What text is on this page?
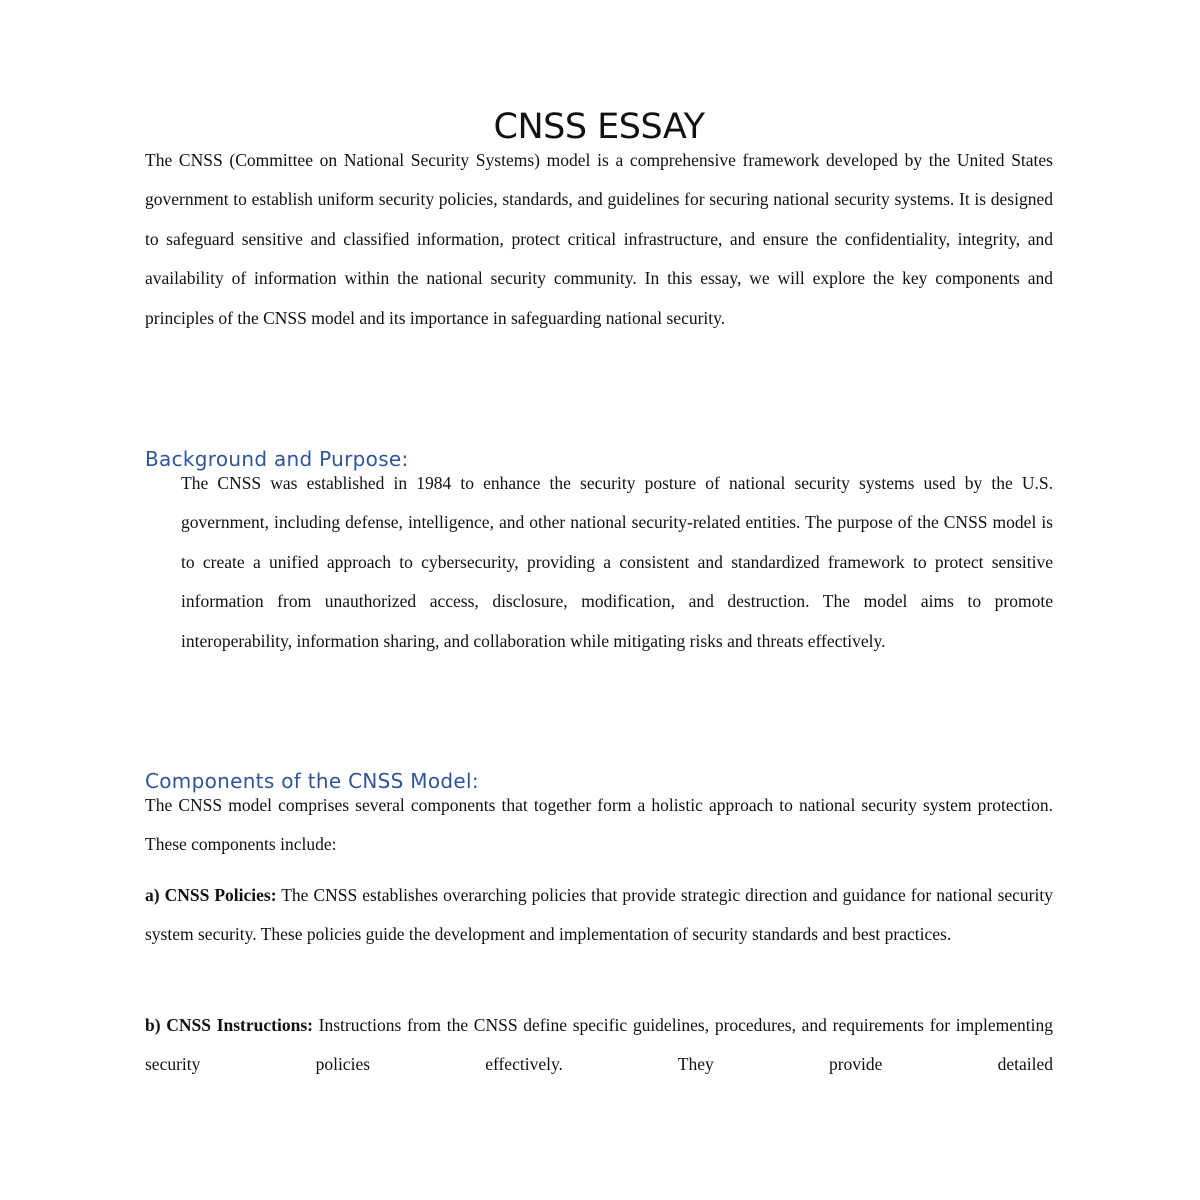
CNSS ESSAY

The CNSS (Committee on National Security Systems) model is a comprehensive framework developed by the United States government to establish uniform security policies, standards, and guidelines for securing national security systems. It is designed to safeguard sensitive and classified information, protect critical infrastructure, and ensure the confidentiality, integrity, and availability of information within the national security community. In this essay, we will explore the key components and principles of the CNSS model and its importance in safeguarding national security.

Background and Purpose:

The CNSS was established in 1984 to enhance the security posture of national security systems used by the U.S. government, including defense, intelligence, and other national security-related entities. The purpose of the CNSS model is to create a unified approach to cybersecurity, providing a consistent and standardized framework to protect sensitive information from unauthorized access, disclosure, modification, and destruction. The model aims to promote interoperability, information sharing, and collaboration while mitigating risks and threats effectively.

Components of the CNSS Model:

The CNSS model comprises several components that together form a holistic approach to national security system protection. These components include:

a) CNSS Policies: The CNSS establishes overarching policies that provide strategic direction and guidance for national security system security. These policies guide the development and implementation of security standards and best practices.

b) CNSS Instructions: Instructions from the CNSS define specific guidelines, procedures, and requirements for implementing security policies effectively. They provide detailed
